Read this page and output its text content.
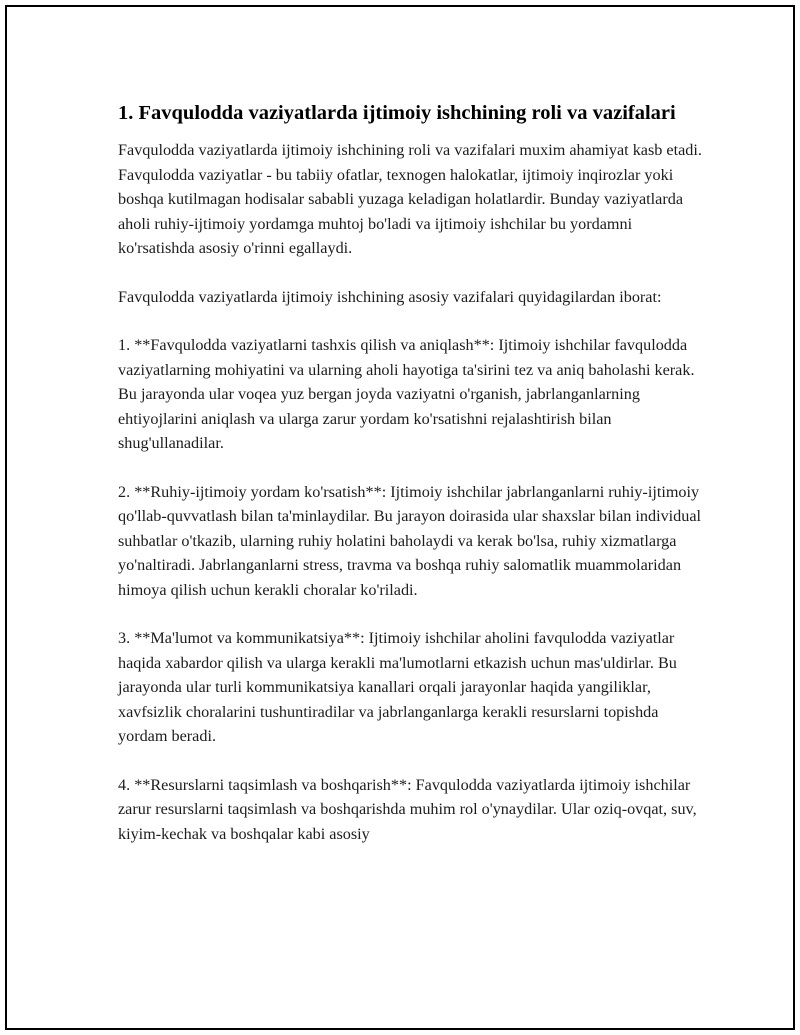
1. Favqulodda vaziyatlarda ijtimoiy ishchining roli va vazifalari

Favqulodda vaziyatlarda ijtimoiy ishchining roli va vazifalari muxim ahamiyat kasb etadi. Favqulodda vaziyatlar - bu tabiiy ofatlar, texnogen halokatlar, ijtimoiy inqirozlar yoki boshqa kutilmagan hodisalar sababli yuzaga keladigan holatlardir. Bunday vaziyatlarda aholi ruhiy-ijtimoiy yordamga muhtoj bo'ladi va ijtimoiy ishchilar bu yordamni ko'rsatishda asosiy o'rinni egallaydi.

Favqulodda vaziyatlarda ijtimoiy ishchining asosiy vazifalari quyidagilardan iborat:

1. **Favqulodda vaziyatlarni tashxis qilish va aniqlash**: Ijtimoiy ishchilar favqulodda vaziyatlarning mohiyatini va ularning aholi hayotiga ta'sirini tez va aniq baholashi kerak. Bu jarayonda ular voqea yuz bergan joyda vaziyatni o'rganish, jabrlanganlarning ehtiyojlarini aniqlash va ularga zarur yordam ko'rsatishni rejalashtirish bilan shug'ullanadilar.

2. **Ruhiy-ijtimoiy yordam ko'rsatish**: Ijtimoiy ishchilar jabrlanganlarni ruhiy-ijtimoiy qo'llab-quvvatlash bilan ta'minlaydilar. Bu jarayon doirasida ular shaxslar bilan individual suhbatlar o'tkazib, ularning ruhiy holatini baholaydi va kerak bo'lsa, ruhiy xizmatlarga yo'naltiradi. Jabrlanganlarni stress, travma va boshqa ruhiy salomatlik muammolaridan himoya qilish uchun kerakli choralar ko'riladi.

3. **Ma'lumot va kommunikatsiya**: Ijtimoiy ishchilar aholini favqulodda vaziyatlar haqida xabardor qilish va ularga kerakli ma'lumotlarni etkazish uchun mas'uldirlar. Bu jarayonda ular turli kommunikatsiya kanallari orqali jarayonlar haqida yangiliklar, xavfsizlik choralarini tushuntiradilar va jabrlanganlarga kerakli resurslarni topishda yordam beradi.

4. **Resurslarni taqsimlash va boshqarish**: Favqulodda vaziyatlarda ijtimoiy ishchilar zarur resurslarni taqsimlash va boshqarishda muhim rol o'ynaydilar. Ular oziq-ovqat, suv, kiyim-kechak va boshqalar kabi asosiy
